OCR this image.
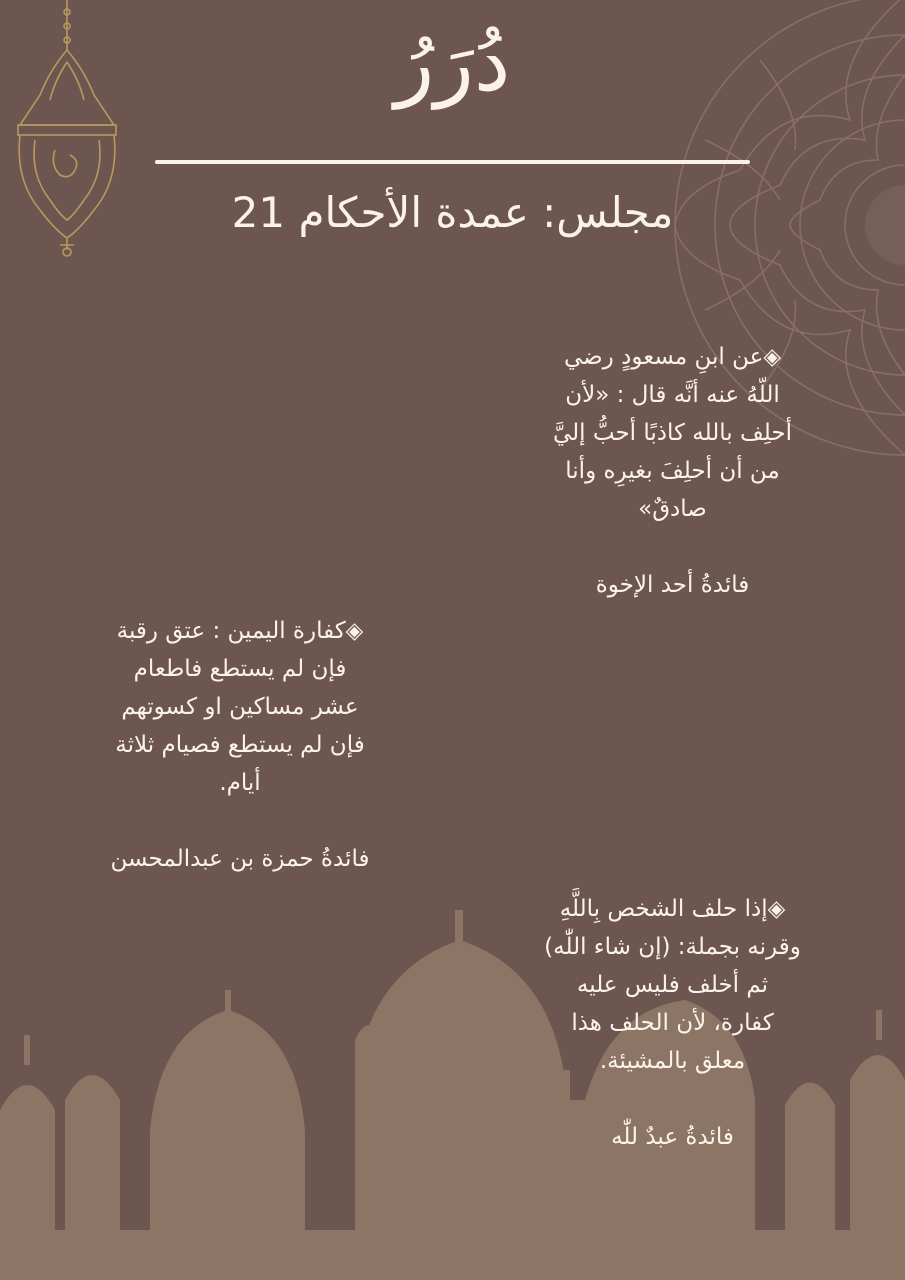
دُرَرُ
مجلس: عمدة الأحكام 21

◈عن ابنِ مسعودٍ رضي

اللّهُ عنه أنَّه قال : «لأن

أحلِف بالله كاذبًا أحبُّ إليَّ

من أن أحلِفَ بغيرِه وأنا

صادقٌ»

فائدةُ أحد الإخوة

◈كفارة اليمين : عتق رقبة

فإن لم يستطع فاطعام

عشر مساكين او كسوتهم

فإن لم يستطع فصيام ثلاثة

أيام.

فائدةُ حمزة بن عبدالمحسن

◈إذا حلف الشخص بِاللَّهِ

وقرنه بجملة: (إن شاء اللّٰه)

ثم أخلف فليس عليه

كفارة، لأن الحلف هذا

معلق بالمشيئة.

فائدةُ عبدٌ للّٰه
